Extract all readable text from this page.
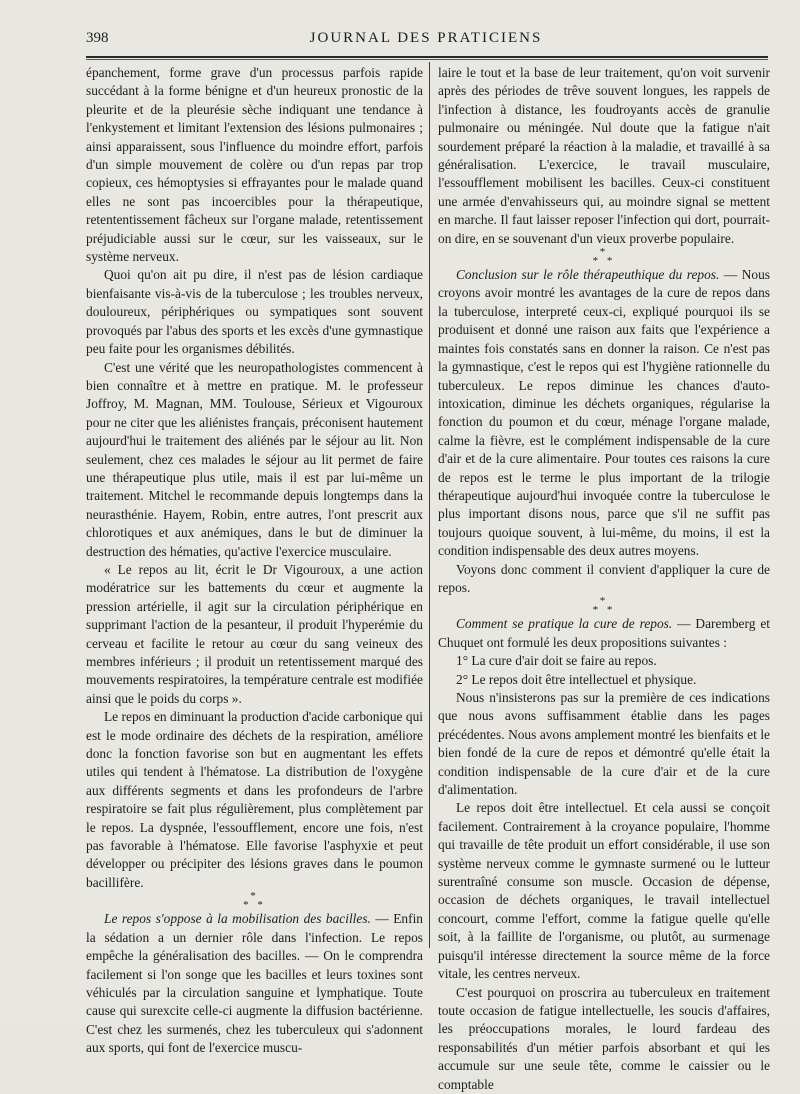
398	JOURNAL DES PRATICIENS

épanchement, forme grave d'un processus parfois rapide succédant à la forme bénigne et d'un heureux pronostic de la pleurite et de la pleurésie sèche indiquant une tendance à l'enkystement et limitant l'extension des lésions pulmonaires ; ainsi apparaissent, sous l'influence du moindre effort, parfois d'un simple mouvement de colère ou d'un repas par trop copieux, ces hémoptysies si effrayantes pour le malade quand elles ne sont pas incoercibles pour la thérapeutique, retententissement fâcheux sur l'organe malade, retentissement préjudiciable aussi sur le cœur, sur les vaisseaux, sur le système nerveux.

Quoi qu'on ait pu dire, il n'est pas de lésion cardiaque bienfaisante vis-à-vis de la tuberculose ; les troubles nerveux, douloureux, périphériques ou sympatiques sont souvent provoqués par l'abus des sports et les excès d'une gymnastique peu faite pour les organismes débilités.

C'est une vérité que les neuropathologistes commencent à bien connaître et à mettre en pratique. M. le professeur Joffroy, M. Magnan, MM. Toulouse, Sérieux et Vigouroux pour ne citer que les aliénistes français, préconisent hautement aujourd'hui le traitement des aliénés par le séjour au lit. Non seulement, chez ces malades le séjour au lit permet de faire une thérapeutique plus utile, mais il est par lui-même un traitement. Mitchel le recommande depuis longtemps dans la neurasthénie. Hayem, Robin, entre autres, l'ont prescrit aux chlorotiques et aux anémiques, dans le but de diminuer la destruction des hématies, qu'active l'exercice musculaire.

« Le repos au lit, écrit le Dr Vigouroux, a une action modératrice sur les battements du cœur et augmente la pression artérielle, il agit sur la circulation périphérique en supprimant l'action de la pesanteur, il produit l'hyperémie du cerveau et facilite le retour au cœur du sang veineux des membres inférieurs ; il produit un retentissement marqué des mouvements respiratoires, la température centrale est modifiée ainsi que le poids du corps ».

Le repos en diminuant la production d'acide carbonique qui est le mode ordinaire des déchets de la respiration, améliore donc la fonction favorise son but en augmentant les effets utiles qui tendent à l'hématose. La distribution de l'oxygène aux différents segments et dans les profondeurs de l'arbre respiratoire se fait plus régulièrement, plus complètement par le repos. La dyspnée, l'essoufflement, encore une fois, n'est pas favorable à l'hématose. Elle favorise l'asphyxie et peut développer ou précipiter des lésions graves dans le poumon bacillifère.

*
* *

Le repos s'oppose à la mobilisation des bacilles. — Enfin la sédation a un dernier rôle dans l'infection. Le repos empêche la généralisation des bacilles. — On le comprendra facilement si l'on songe que les bacilles et leurs toxines sont véhiculés par la circulation sanguine et lymphatique. Toute cause qui surexcite celle-ci augmente la diffusion bactérienne. C'est chez les surmenés, chez les tuberculeux qui s'adonnent aux sports, qui font de l'exercice muscu-

laire le tout et la base de leur traitement, qu'on voit survenir après des périodes de trêve souvent longues, les rappels de l'infection à distance, les foudroyants accès de granulie pulmonaire ou méningée. Nul doute que la fatigue n'ait sourdement préparé la réaction à la maladie, et travaillé à sa généralisation. L'exercice, le travail musculaire, l'essoufflement mobilisent les bacilles. Ceux-ci constituent une armée d'envahisseurs qui, au moindre signal se mettent en marche. Il faut laisser reposer l'infection qui dort, pourrait-on dire, en se souvenant d'un vieux proverbe populaire.

*
* *

Conclusion sur le rôle thérapeuthique du repos. — Nous croyons avoir montré les avantages de la cure de repos dans la tuberculose, interpreté ceux-ci, expliqué pourquoi ils se produisent et donné une raison aux faits que l'expérience a maintes fois constatés sans en donner la raison. Ce n'est pas la gymnastique, c'est le repos qui est l'hygiène rationnelle du tuberculeux. Le repos diminue les chances d'auto-intoxication, diminue les déchets organiques, régularise la fonction du poumon et du cœur, ménage l'organe malade, calme la fièvre, est le complément indispensable de la cure d'air et de la cure alimentaire. Pour toutes ces raisons la cure de repos est le terme le plus important de la trilogie thérapeutique aujourd'hui invoquée contre la tuberculose le plus important disons nous, parce que s'il ne suffit pas toujours quoique souvent, à lui-même, du moins, il est la condition indispensable des deux autres moyens.

Voyons donc comment il convient d'appliquer la cure de repos.

*
* *

Comment se pratique la cure de repos. — Daremberg et Chuquet ont formulé les deux propositions suivantes :

1° La cure d'air doit se faire au repos.

2° Le repos doit être intellectuel et physique.

Nous n'insisterons pas sur la première de ces indications que nous avons suffisamment établie dans les pages précédentes. Nous avons amplement montré les bienfaits et le bien fondé de la cure de repos et démontré qu'elle était la condition indispensable de la cure d'air et de la cure d'alimentation.

Le repos doit être intellectuel. Et cela aussi se conçoit facilement. Contrairement à la croyance populaire, l'homme qui travaille de tête produit un effort considérable, il use son système nerveux comme le gymnaste surmené ou le lutteur surentraîné consume son muscle. Occasion de dépense, occasion de déchets organiques, le travail intellectuel concourt, comme l'effort, comme la fatigue quelle qu'elle soit, à la faillite de l'organisme, ou plutôt, au surmenage puisqu'il intéresse directement la source même de la force vitale, les centres nerveux.

C'est pourquoi on proscrira au tuberculeux en traitement toute occasion de fatigue intellectuelle, les soucis d'affaires, les préoccupations morales, le lourd fardeau des responsabilités d'un métier parfois absorbant et qui les accumule sur une seule tête, comme le caissier ou le comptable
